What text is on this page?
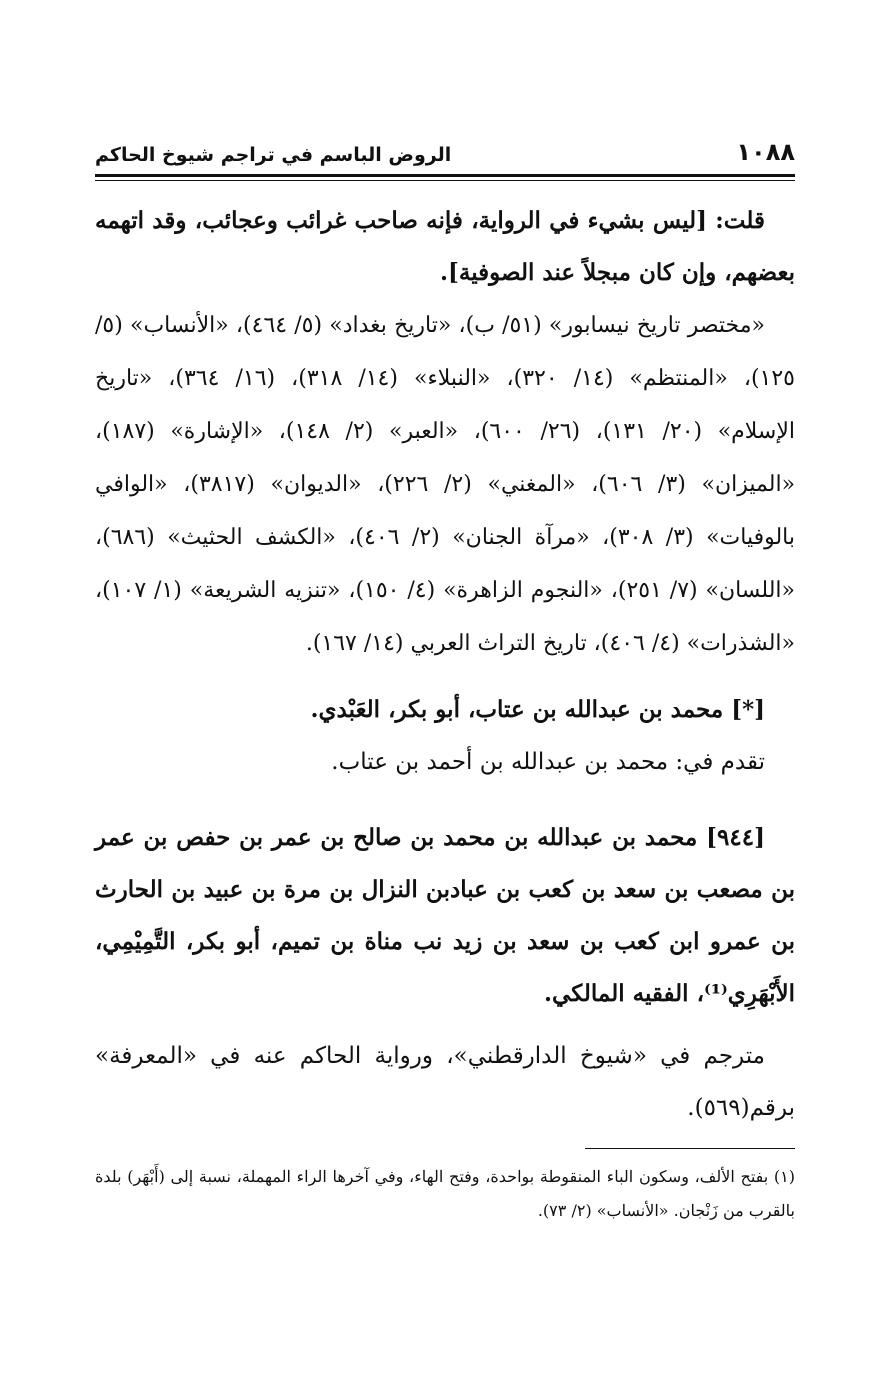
١٠٨٨
الروض الباسم في تراجم شيوخ الحاكم

قلت: [ليس بشيء في الرواية، فإنه صاحب غرائب وعجائب، وقد اتهمه بعضهم، وإن كان مبجلاً عند الصوفية].

«مختصر تاريخ نيسابور» (٥١/ ب)، «تاريخ بغداد» (٥/ ٤٦٤)، «الأنساب» (٥/ ١٢٥)، «المنتظم» (١٤/ ٣٢٠)، «النبلاء» (١٤/ ٣١٨)، (١٦/ ٣٦٤)، «تاريخ الإسلام» (٢٠/ ١٣١)، (٢٦/ ٦٠٠)، «العبر» (٢/ ١٤٨)، «الإشارة» (١٨٧)، «الميزان» (٣/ ٦٠٦)، «المغني» (٢/ ٢٢٦)، «الديوان» (٣٨١٧)، «الوافي بالوفيات» (٣/ ٣٠٨)، «مرآة الجنان» (٢/ ٤٠٦)، «الكشف الحثيث» (٦٨٦)، «اللسان» (٧/ ٢٥١)، «النجوم الزاهرة» (٤/ ١٥٠)، «تنزيه الشريعة» (١/ ١٠٧)، «الشذرات» (٤/ ٤٠٦)، تاريخ التراث العربي (١٤/ ١٦٧).

[*] محمد بن عبدالله بن عتاب، أبو بكر، العَبْدي.

تقدم في: محمد بن عبدالله بن أحمد بن عتاب.

[٩٤٤] محمد بن عبدالله بن محمد بن صالح بن عمر بن حفص بن عمر بن مصعب بن سعد بن كعب بن عبادبن النزال بن مرة بن عبيد بن الحارث بن عمرو ابن كعب بن سعد بن زيد نب مناة بن تميم، أبو بكر، التَّمِيْمِي، الأَبْهَرِي⁽¹⁾، الفقيه المالكي.

مترجم في «شيوخ الدارقطني»، ورواية الحاكم عنه في «المعرفة» برقم(٥٦٩).

(١) بفتح الألف، وسكون الباء المنقوطة بواحدة، وفتح الهاء، وفي آخرها الراء المهملة، نسبة إلى (أَبْهَر) بلدة بالقرب من زَنْجان. «الأنساب» (٢/ ٧٣).
